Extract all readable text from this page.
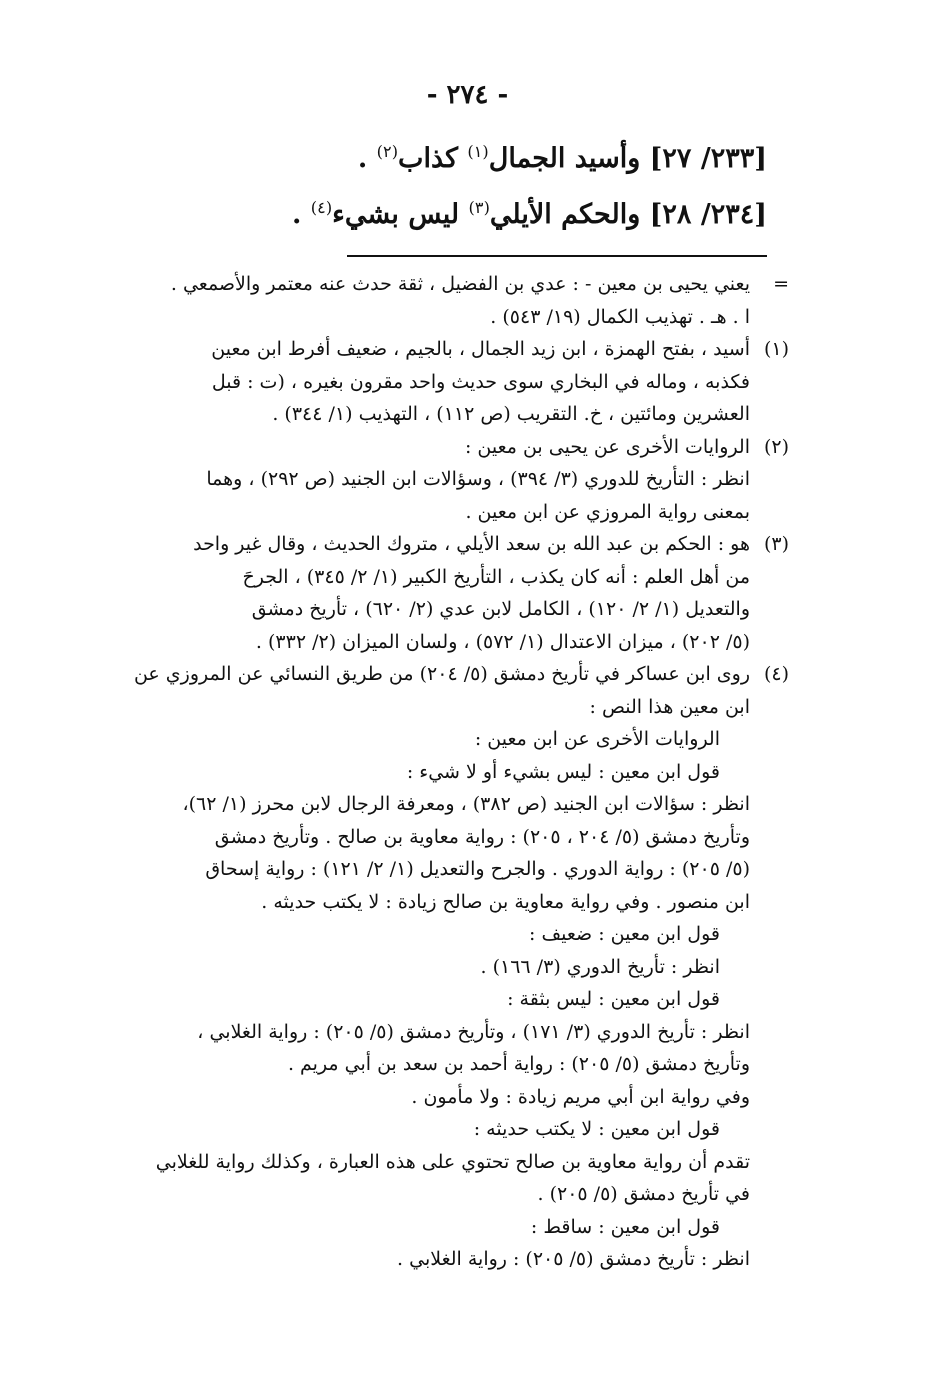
- ٢٧٤ -
[٢٣٣/ ٢٧] وأسيد الجمال$^{(١)}$ كذاب$^{(٢)}$ .
[٢٣٤/ ٢٨] والحكم الأيلي$^{(٣)}$ ليس بشيء$^{(٤)}$ .
=
يعني يحيى بن معين - : عدي بن الفضيل ، ثقة حدث عنه معتمر والأصمعي .
ا . هـ . تهذيب الكمال (١٩/ ٥٤٣) .
(١)
أسيد ، بفتح الهمزة ، ابن زيد الجمال ، بالجيم ، ضعيف أفرط ابن معين
فكذبه ، وماله في البخاري سوى حديث واحد مقرون بغيره ، (ت : قبل
العشرين ومائتين ، خ. التقريب (ص ١١٢) ، التهذيب (١/ ٣٤٤) .
(٢)
الروايات الأخرى عن يحيى بن معين :
انظر : التأريخ للدوري (٣/ ٣٩٤) ، وسؤالات ابن الجنيد (ص ٢٩٢) ، وهما
بمعنى رواية المروزي عن ابن معين .
(٣)
هو : الحكم بن عبد الله بن سعد الأيلي ، متروك الحديث ، وقال غير واحد
من أهل العلم : أنه كان يكذب ، التأريخ الكبير (١/ ٢/ ٣٤٥) ، الجرحَ
والتعديل (١/ ٢/ ١٢٠) ، الكامل لابن عدي (٢/ ٦٢٠) ، تأريخ دمشق
(٥/ ٢٠٢) ، ميزان الاعتدال (١/ ٥٧٢) ، ولسان الميزان (٢/ ٣٣٢) .
(٤)
روى ابن عساكر في تأريخ دمشق (٥/ ٢٠٤) من طريق النسائي عن المروزي عن
ابن معين هذا النص :
الروايات الأخرى عن ابن معين :
قول ابن معين : ليس بشيء أو لا شيء :
انظر : سؤالات ابن الجنيد (ص ٣٨٢) ، ومعرفة الرجال لابن محرز (١/ ٦٢)،
وتأريخ دمشق (٥/ ٢٠٤ ، ٢٠٥) : رواية معاوية بن صالح . وتأريخ دمشق
(٥/ ٢٠٥) : رواية الدوري . والجرح والتعديل (١/ ٢/ ١٢١) : رواية إسحاق
ابن منصور . وفي رواية معاوية بن صالح زيادة : لا يكتب حديثه .
قول ابن معين : ضعيف :
انظر : تأريخ الدوري (٣/ ١٦٦) .
قول ابن معين : ليس بثقة :
انظر : تأريخ الدوري (٣/ ١٧١) ، وتأريخ دمشق (٥/ ٢٠٥) : رواية الغلابي ،
وتأريخ دمشق (٥/ ٢٠٥) : رواية أحمد بن سعد بن أبي مريم .
وفي رواية ابن أبي مريم زيادة : ولا مأمون .
قول ابن معين : لا يكتب حديثه :
تقدم أن رواية معاوية بن صالح تحتوي على هذه العبارة ، وكذلك رواية للغلابي
في تأريخ دمشق (٥/ ٢٠٥) .
قول ابن معين : ساقط :
انظر : تأريخ دمشق (٥/ ٢٠٥) : رواية الغلابي .
